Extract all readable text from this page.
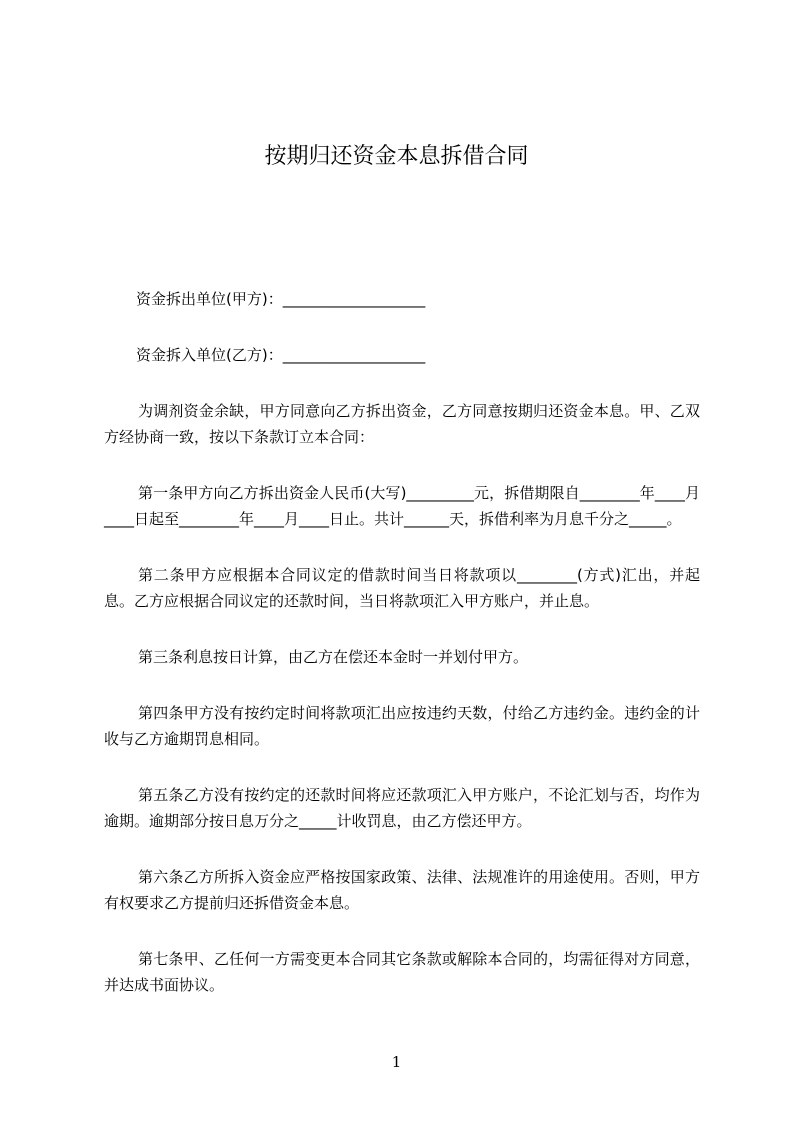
按期归还资金本息拆借合同

资金拆出单位(甲方)：___________________

资金拆入单位(乙方)：___________________

为调剂资金余缺，甲方同意向乙方拆出资金，乙方同意按期归还资金本息。甲、乙双方经协商一致，按以下条款订立本合同：

第一条甲方向乙方拆出资金人民币(大写)_________元，拆借期限自________年____月____日起至________年____月____日止。共计______天，拆借利率为月息千分之_____。

第二条甲方应根据本合同议定的借款时间当日将款项以________(方式)汇出，并起息。乙方应根据合同议定的还款时间，当日将款项汇入甲方账户，并止息。

第三条利息按日计算，由乙方在偿还本金时一并划付甲方。

第四条甲方没有按约定时间将款项汇出应按违约天数，付给乙方违约金。违约金的计收与乙方逾期罚息相同。

第五条乙方没有按约定的还款时间将应还款项汇入甲方账户，不论汇划与否，均作为逾期。逾期部分按日息万分之_____计收罚息，由乙方偿还甲方。

第六条乙方所拆入资金应严格按国家政策、法律、法规准许的用途使用。否则，甲方有权要求乙方提前归还拆借资金本息。

第七条甲、乙任何一方需变更本合同其它条款或解除本合同的，均需征得对方同意，并达成书面协议。

1
